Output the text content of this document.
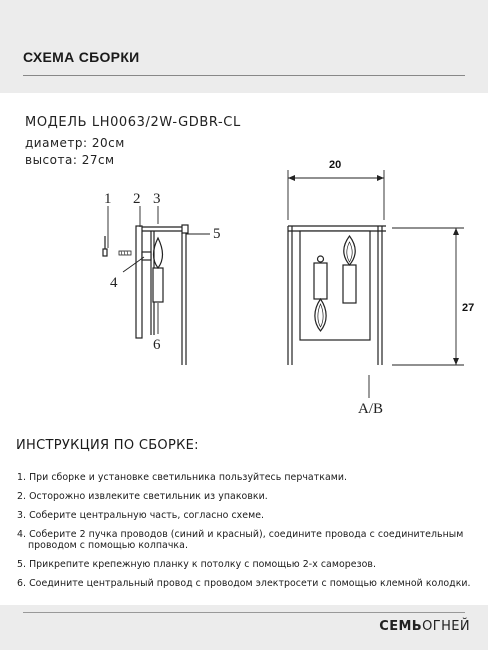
СХЕМА СБОРКИ
МОДЕЛЬ LH0063/2W-GDBR-CL
диаметр: 20см
высота: 27см
1 2 3
4
5
6
20
27
A/B
ИНСТРУКЦИЯ ПО СБОРКЕ:
1. При сборке и установке светильника пользуйтесь перчатками.
2. Осторожно извлеките светильник из упаковки.
3. Соберите центральную часть, согласно схеме.
4. Соберите 2 пучка проводов (синий и красный), соедините провода с соединительным
проводом с помощью колпачка.
5. Прикрепите крепежную планку к потолку с помощью 2-х саморезов.
6. Соедините центральный провод с проводом электросети с помощью клемной колодки.
СЕМЬОГНЕЙ
